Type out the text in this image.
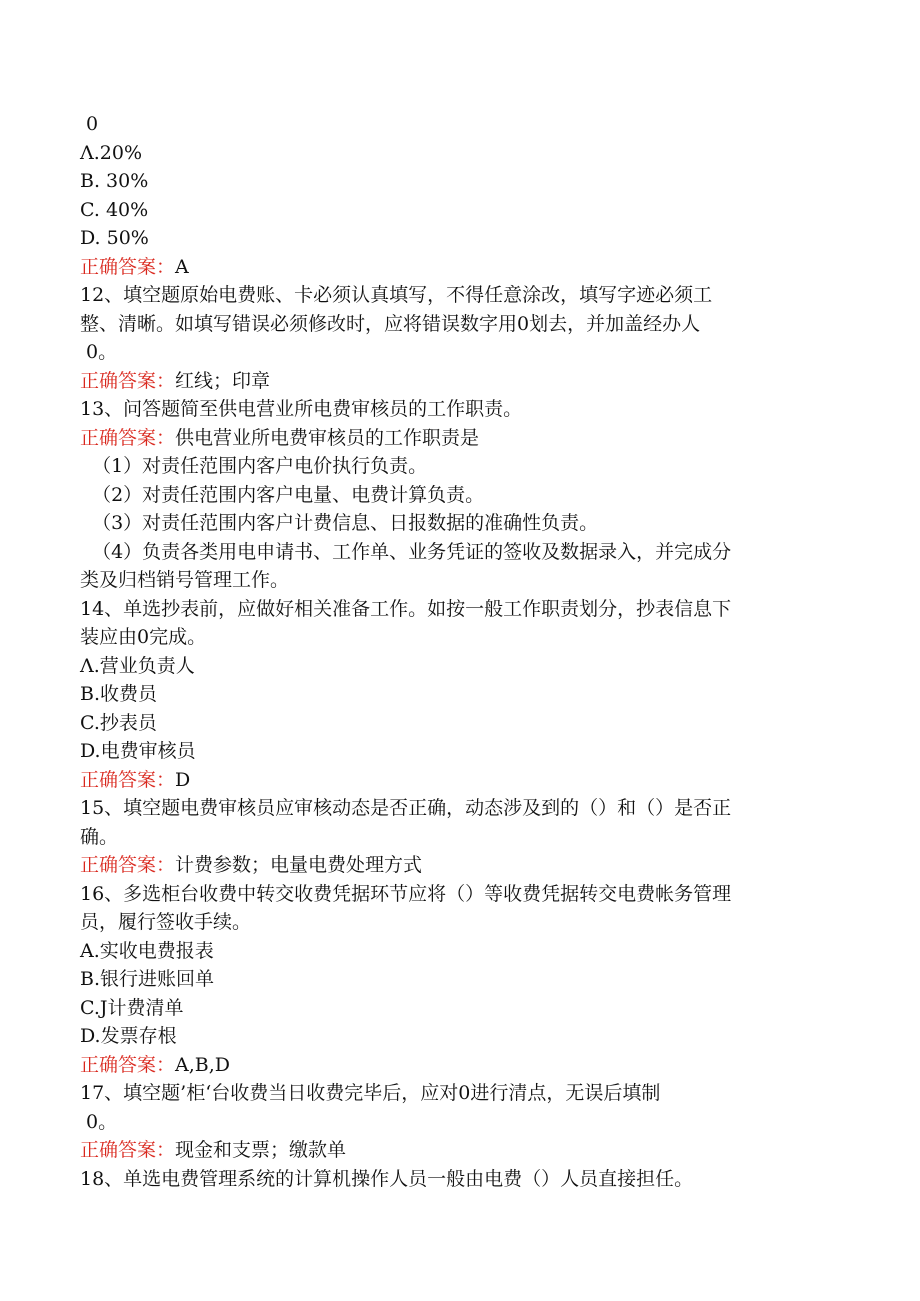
0
Λ.20%
B. 30%
C. 40%
D. 50%
正确答案：A
12、填空题原始电费账、卡必须认真填写，不得任意涂改，填写字迹必须工
整、清晰。如填写错误必须修改时，应将错误数字用0划去，并加盖经办人
0。
正确答案：红线；印章
13、问答题简至供电营业所电费审核员的工作职责。
正确答案：供电营业所电费审核员的工作职责是
（1）对责任范围内客户电价执行负责。
（2）对责任范围内客户电量、电费计算负责。
（3）对责任范围内客户计费信息、日报数据的准确性负责。
（4）负责各类用电申请书、工作单、业务凭证的签收及数据录入，并完成分
类及归档销号管理工作。
14、单选抄表前，应做好相关准备工作。如按一般工作职责划分，抄表信息下
装应由0完成。
Λ.营业负责人
B.收费员
C.抄表员
D.电费审核员
正确答案：D
15、填空题电费审核员应审核动态是否正确，动态涉及到的（）和（）是否正
确。
正确答案：计费参数；电量电费处理方式
16、多选柜台收费中转交收费凭据环节应将（）等收费凭据转交电费帐务管理
员，履行签收手续。
A.实收电费报表
B.银行进账回单
C.J计费清单
D.发票存根
正确答案：A,B,D
17、填空题’柜‘台收费当日收费完毕后，应对0进行清点，无误后填制
0。
正确答案：现金和支票；缴款单
18、单选电费管理系统的计算机操作人员一般由电费（）人员直接担任。
